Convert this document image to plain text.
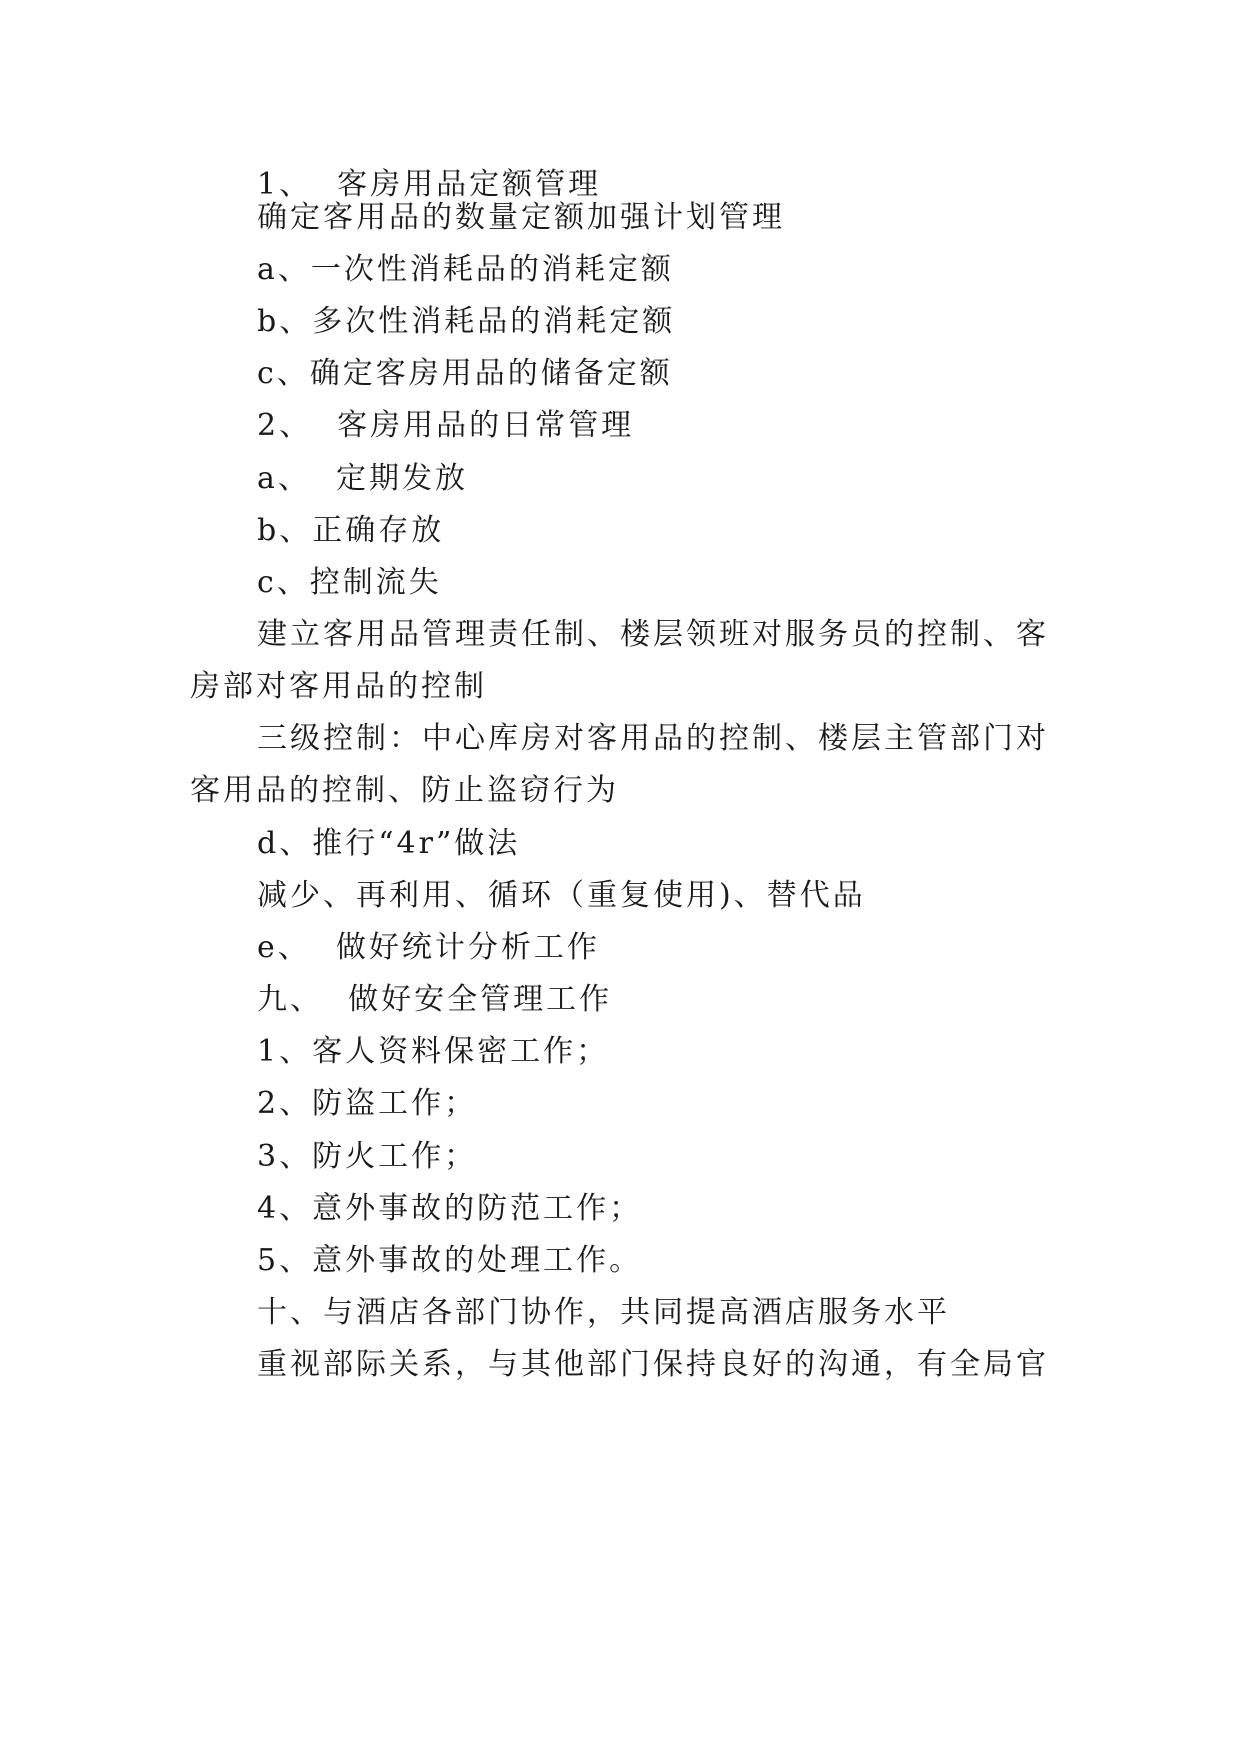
1、  客房用品定额管理
确定客用品的数量定额加强计划管理
a、一次性消耗品的消耗定额
b、多次性消耗品的消耗定额
c、确定客房用品的储备定额
2、  客房用品的日常管理
a、  定期发放
b、正确存放
c、控制流失
建立客用品管理责任制、楼层领班对服务员的控制、客
房部对客用品的控制
三级控制：中心库房对客用品的控制、楼层主管部门对
客用品的控制、防止盗窃行为
d、推行“4r”做法
减少、再利用、循环（重复使用)、替代品
e、  做好统计分析工作
九、  做好安全管理工作
1、客人资料保密工作；
2、防盗工作；
3、防火工作；
4、意外事故的防范工作；
5、意外事故的处理工作。
十、与酒店各部门协作，共同提高酒店服务水平
重视部际关系，与其他部门保持良好的沟通，有全局官
